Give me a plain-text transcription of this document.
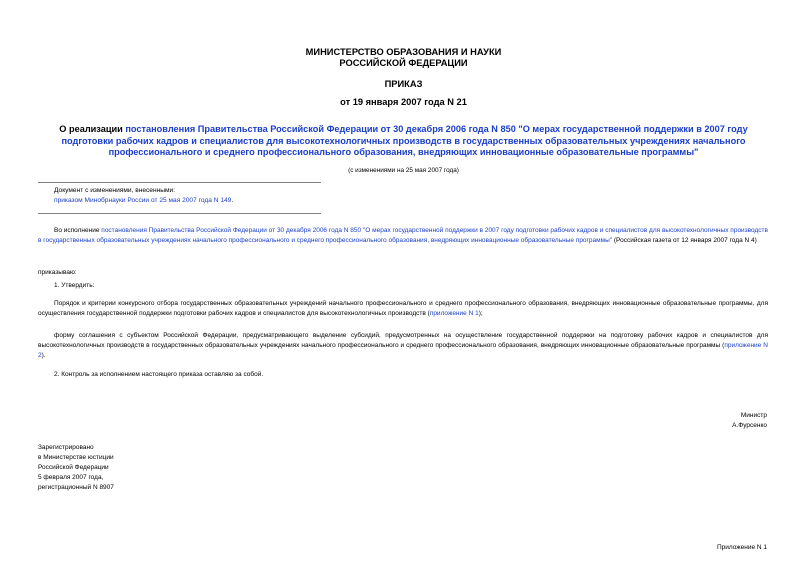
МИНИСТЕРСТВО ОБРАЗОВАНИЯ И НАУКИ
РОССИЙСКОЙ ФЕДЕРАЦИИ
ПРИКАЗ
от 19 января 2007 года N 21
О реализации постановления Правительства Российской Федерации от 30 декабря 2006 года N 850 "О мерах государственной поддержки в 2007 году подготовки рабочих кадров и специалистов для высокотехнологичных производств в государственных образовательных учреждениях начального профессионального и среднего профессионального образования, внедряющих инновационные образовательные программы"
(с изменениями на 25 мая 2007 года)
Документ с изменениями, внесенными:
приказом Минобрнауки России от 25 мая 2007 года N 149.
Во исполнение постановления Правительства Российской Федерации от 30 декабря 2006 года N 850 "О мерах государственной поддержки в 2007 году подготовки рабочих кадров и специалистов для высокотехнологичных производств в государственных образовательных учреждениях начального профессионального и среднего профессионального образования, внедряющих инновационные образовательные программы" (Российская газета от 12 января 2007 года N 4)
приказываю:
1. Утвердить:
Порядок и критерии конкурсного отбора государственных образовательных учреждений начального профессионального и среднего профессионального образования, внедряющих инновационные образовательные программы, для осуществления государственной поддержки подготовки рабочих кадров и специалистов для высокотехнологичных производств (приложение N 1);
форму соглашения с субъектом Российской Федерации, предусматривающего выделение субсидий, предусмотренных на осуществление государственной поддержки на подготовку рабочих кадров и специалистов для высокотехнологичных производств в государственных образовательных учреждениях начального профессионального и среднего профессионального образования, внедряющих инновационные образовательные программы (приложение N 2).
2. Контроль за исполнением настоящего приказа оставляю за собой.
Министр
А.Фурсенко
Зарегистрировано
в Министерстве юстиции
Российской Федерации
5 февраля 2007 года,
регистрационный N 8907
Приложение N 1
